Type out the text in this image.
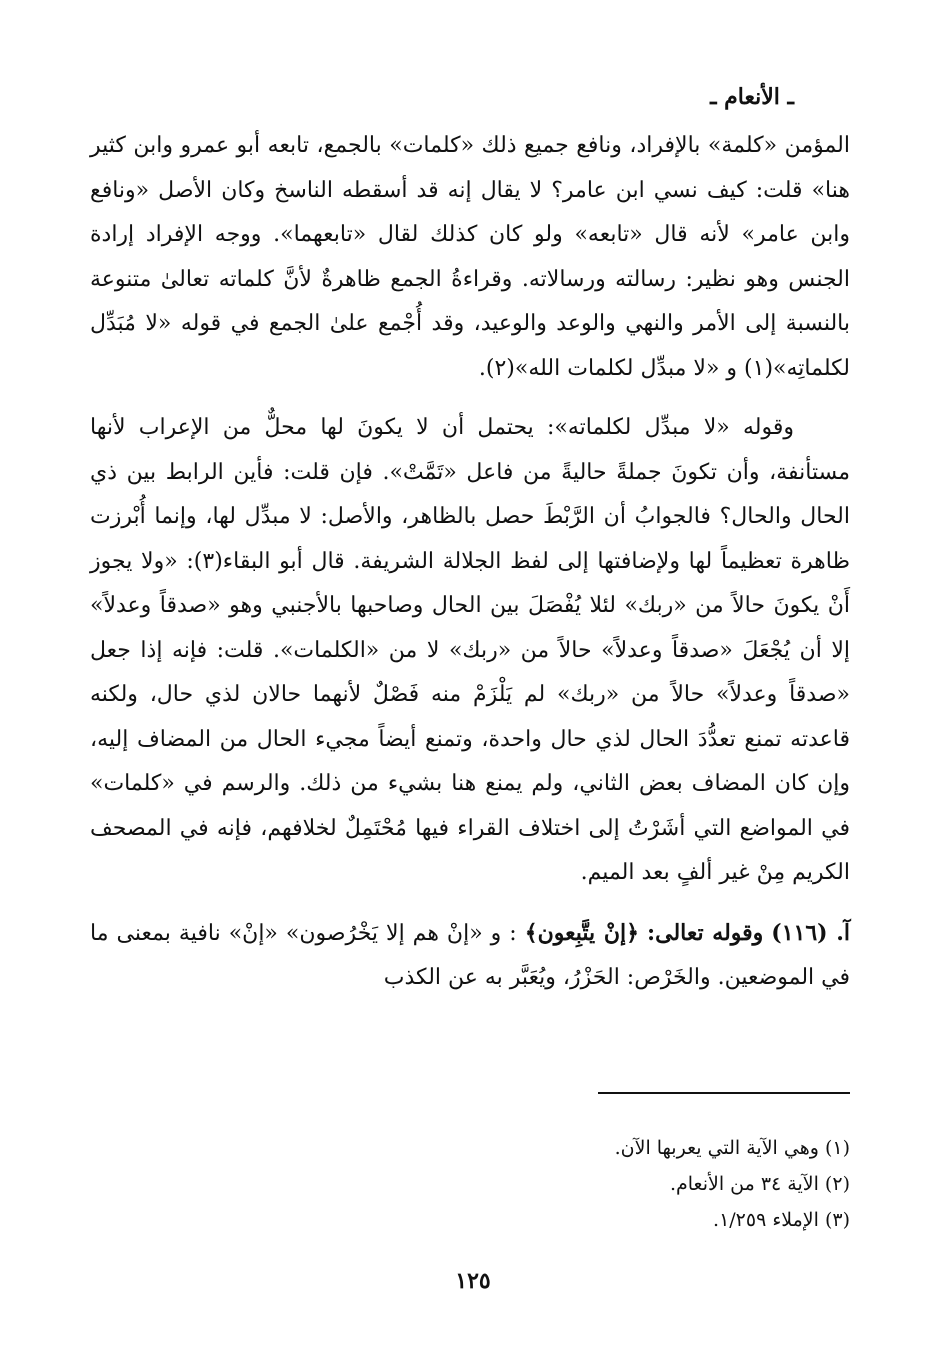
ـ الأنعام ـ

المؤمن «كلمة» بالإفراد، ونافع جميع ذلك «كلمات» بالجمع، تابعه أبو عمرو وابن كثير هنا» قلت: كيف نسي ابن عامر؟ لا يقال إنه قد أسقطه الناسخ وكان الأصل «ونافع وابن عامر» لأنه قال «تابعه» ولو كان كذلك لقال «تابعهما». ووجه الإفراد إرادة الجنس وهو نظير: رسالته ورسالاته. وقراءةُ الجمع ظاهرةٌ لأنَّ كلماته تعالىٰ متنوعة بالنسبة إلى الأمر والنهي والوعد والوعيد، وقد أُجْمع علىٰ الجمع في قوله «لا مُبَدِّل لكلماتِه»(١) و «لا مبدِّل لكلمات الله»(٢).

وقوله «لا مبدِّل لكلماته»: يحتمل أن لا يكونَ لها محلٌّ من الإعراب لأنها مستأنفة، وأن تكونَ جملةً حاليةً من فاعل «تَمَّتْ». فإن قلت: فأين الرابط بين ذي الحال والحال؟ فالجوابُ أن الرَّبْطَ حصل بالظاهر، والأصل: لا مبدِّل لها، وإنما أُبْرزت ظاهرة تعظيماً لها ولإضافتها إلى لفظ الجلالة الشريفة. قال أبو البقاء(٣): «ولا يجوز أَنْ يكونَ حالاً من «ربك» لئلا يُفْصَلَ بين الحال وصاحبها بالأجنبي وهو «صدقاً وعدلاً» إلا أن يُجْعَلَ «صدقاً وعدلاً» حالاً من «ربك» لا من «الكلمات». قلت: فإنه إذا جعل «صدقاً وعدلاً» حالاً من «ربك» لم يَلْزَمْ منه فَصْلٌ لأنهما حالان لذي حال، ولكنه قاعدته تمنع تعدُّدَ الحال لذي حال واحدة، وتمنع أيضاً مجيء الحال من المضاف إليه، وإن كان المضاف بعض الثاني، ولم يمنع هنا بشيء من ذلك. والرسم في «كلمات» في المواضع التي أشَرْتُ إلى اختلاف القراء فيها مُحْتَمِلٌ لخلافهم، فإنه في المصحف الكريم مِنْ غير ألفٍ بعد الميم.

آ. (١١٦) وقوله تعالى: ﴿إنْ يتَّبِعون﴾ : و «إنْ هم إلا يَخْرُصون» «إنْ» نافية بمعنى ما في الموضعين. والخَرْص: الحَزْرُ، ويُعَبَّر به عن الكذب

(١) وهي الآية التي يعربها الآن.
(٢) الآية ٣٤ من الأنعام.
(٣) الإملاء ١/٢٥٩.
١٢٥
